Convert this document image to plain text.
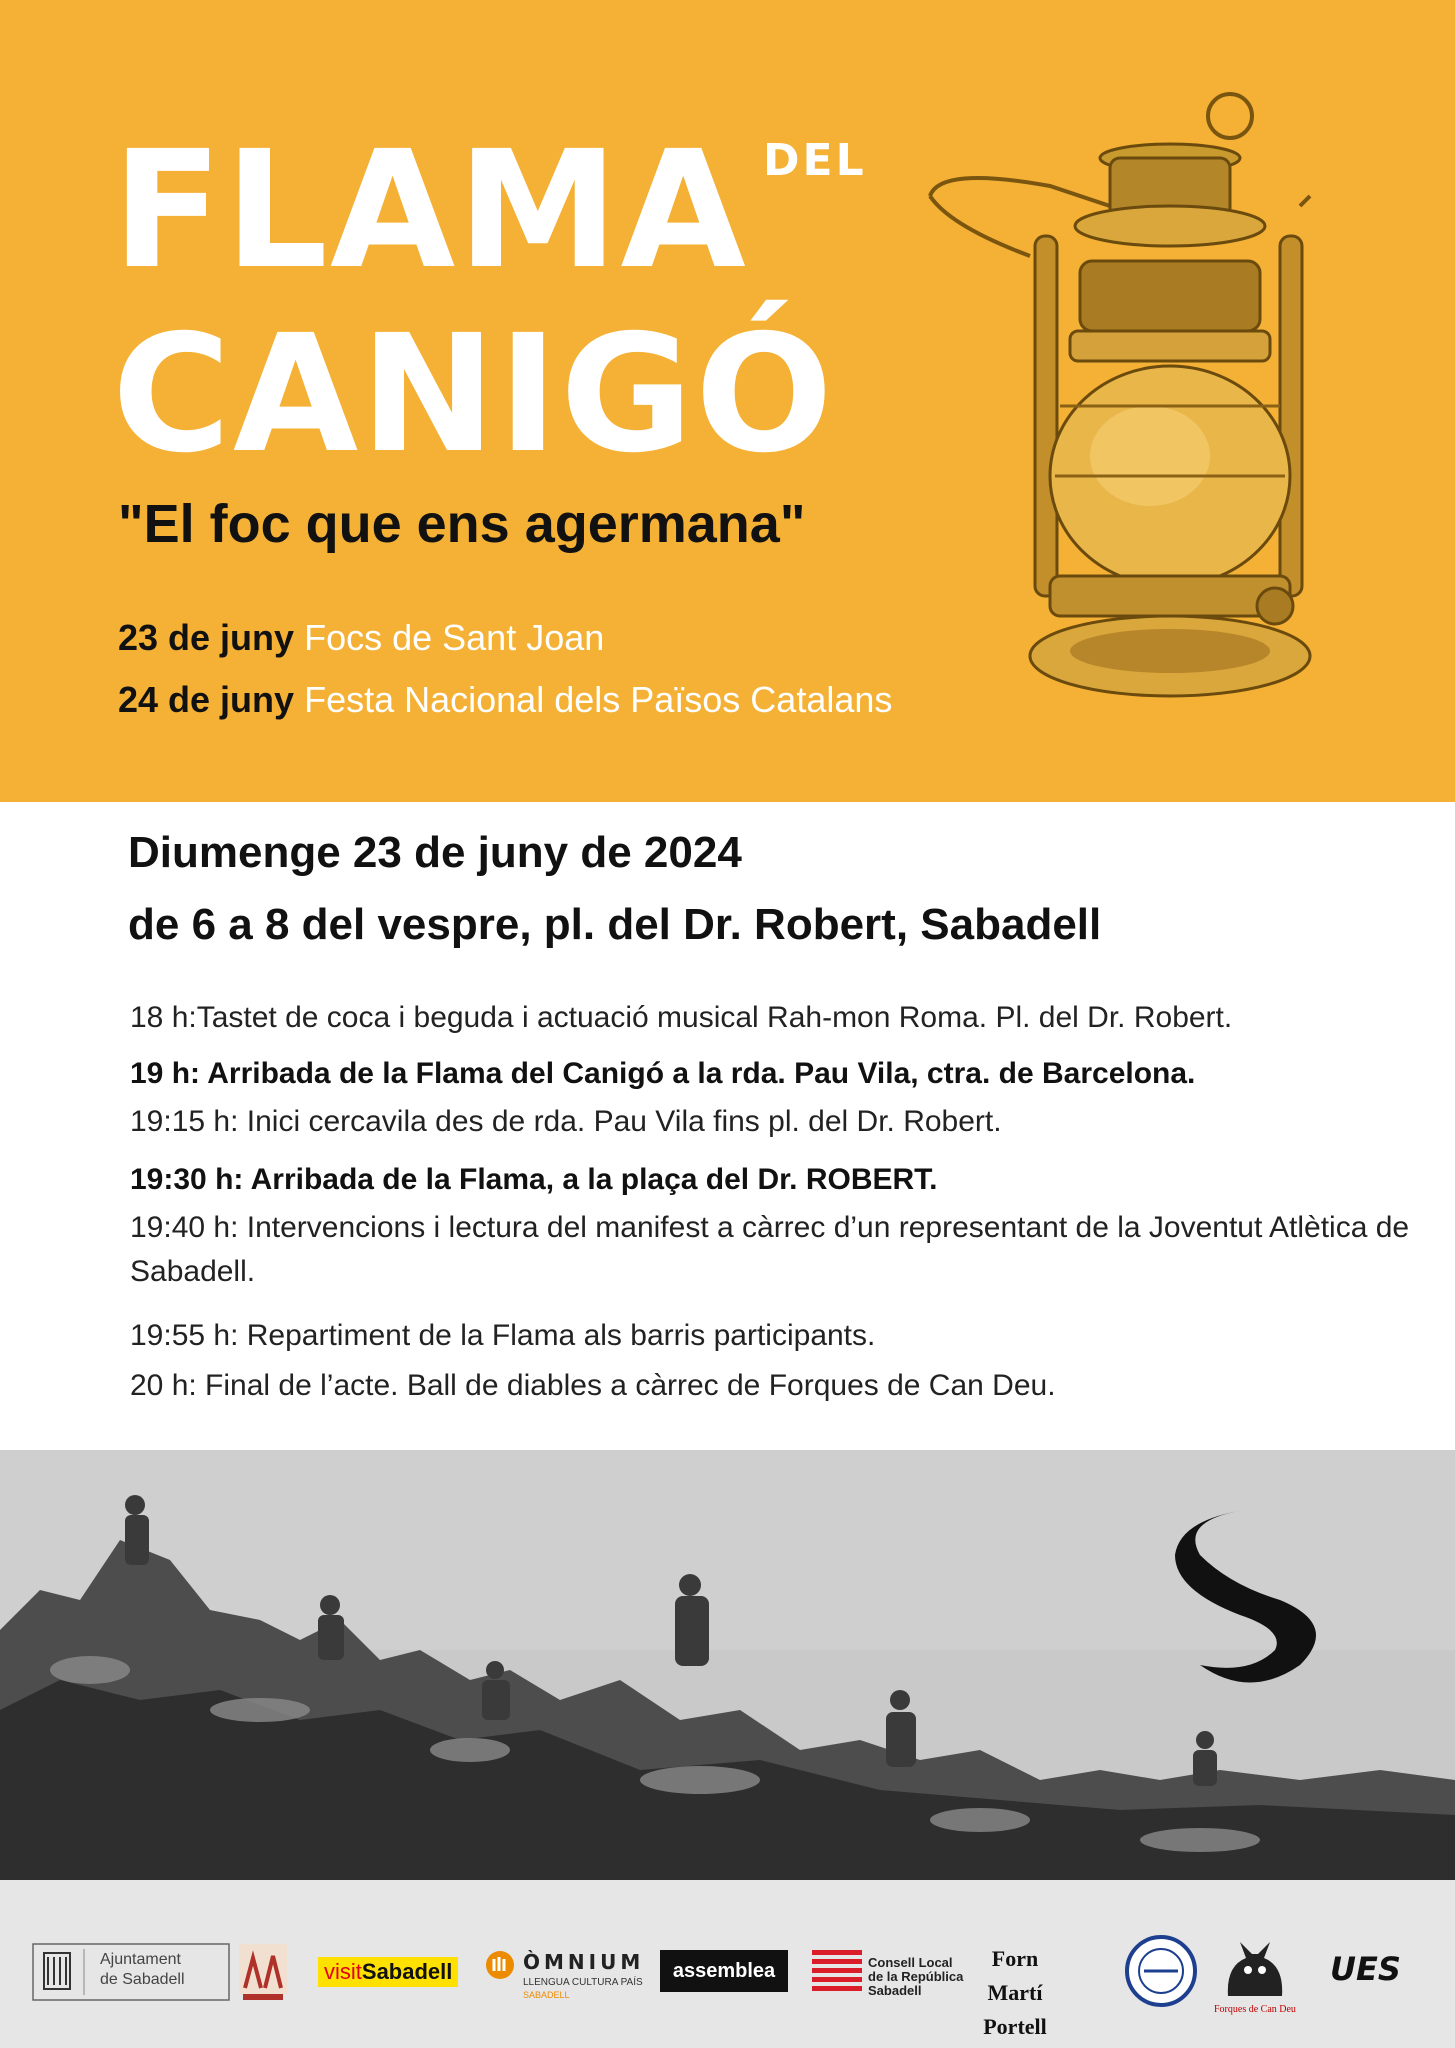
FLAMA DEL
CANIGÓ
"El foc que ens agermana"
23 de juny Focs de Sant Joan
24 de juny Festa Nacional dels Països Catalans
Diumenge 23 de juny de 2024
de 6 a 8 del vespre, pl. del Dr. Robert, Sabadell
18 h:Tastet de coca i beguda i actuació musical Rah-mon Roma. Pl. del Dr. Robert.
19 h: Arribada de la Flama del Canigó a la rda. Pau Vila, ctra. de Barcelona.
19:15 h: Inici cercavila des de rda. Pau Vila fins pl. del Dr. Robert.
19:30 h: Arribada de la Flama, a la plaça del Dr. ROBERT.
19:40 h: Intervencions i lectura del manifest a càrrec d’un representant de la Joventut Atlètica de Sabadell.
19:55 h: Repartiment de la Flama als barris participants.
20 h: Final de l’acte. Ball de diables a càrrec de Forques de Can Deu.
Ajuntament
de Sabadell	visitSabadell	ÒMNIUM
LLENGUA CULTURA PAÍS
SABADELL
assemblea	Consell Local
de la República
Sabadell
Forn
Martí Portell
Forques de Can Deu
UES
